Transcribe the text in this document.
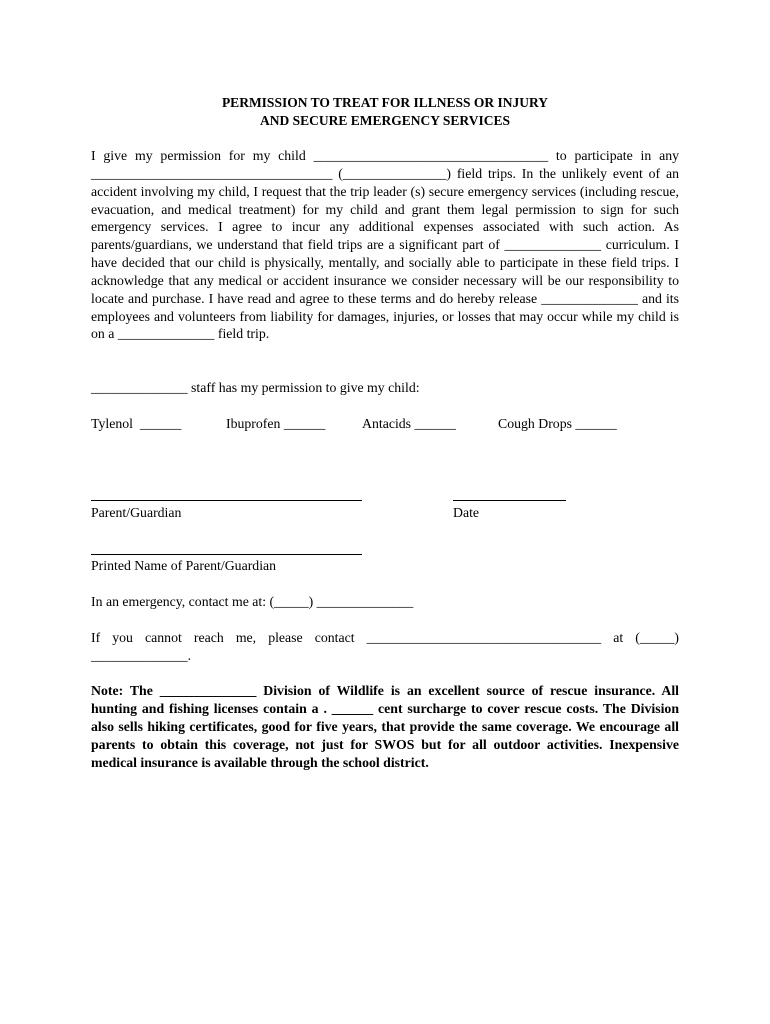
PERMISSION TO TREAT FOR ILLNESS OR INJURY
AND SECURE EMERGENCY SERVICES
I give my permission for my child __________________________________ to participate in any ___________________________________ (_______________) field trips. In the unlikely event of an accident involving my child, I request that the trip leader (s) secure emergency services (including rescue, evacuation, and medical treatment) for my child and grant them legal permission to sign for such emergency services. I agree to incur any additional expenses associated with such action. As parents/guardians, we understand that field trips are a significant part of ______________ curriculum. I have decided that our child is physically, mentally, and socially able to participate in these field trips. I acknowledge that any medical or accident insurance we consider necessary will be our responsibility to locate and purchase. I have read and agree to these terms and do hereby release ______________ and its employees and volunteers from liability for damages, injuries, or losses that may occur while my child is on a ______________ field trip.
______________ staff has my permission to give my child:

Tylenol  ______

	Ibuprofen ______

	Antacids ______

	Cough Drops ______

Parent/Guardian	Date
Printed Name of Parent/Guardian
In an emergency, contact me at: (_____) ______________
If you cannot reach me, please contact __________________________________ at (_____) ______________.
Note: The ______________ Division of Wildlife is an excellent source of rescue insurance. All hunting and fishing licenses contain a . ______ cent surcharge to cover rescue costs. The Division also sells hiking certificates, good for five years, that provide the same coverage. We encourage all parents to obtain this coverage, not just for SWOS but for all outdoor activities. Inexpensive medical insurance is available through the school district.
